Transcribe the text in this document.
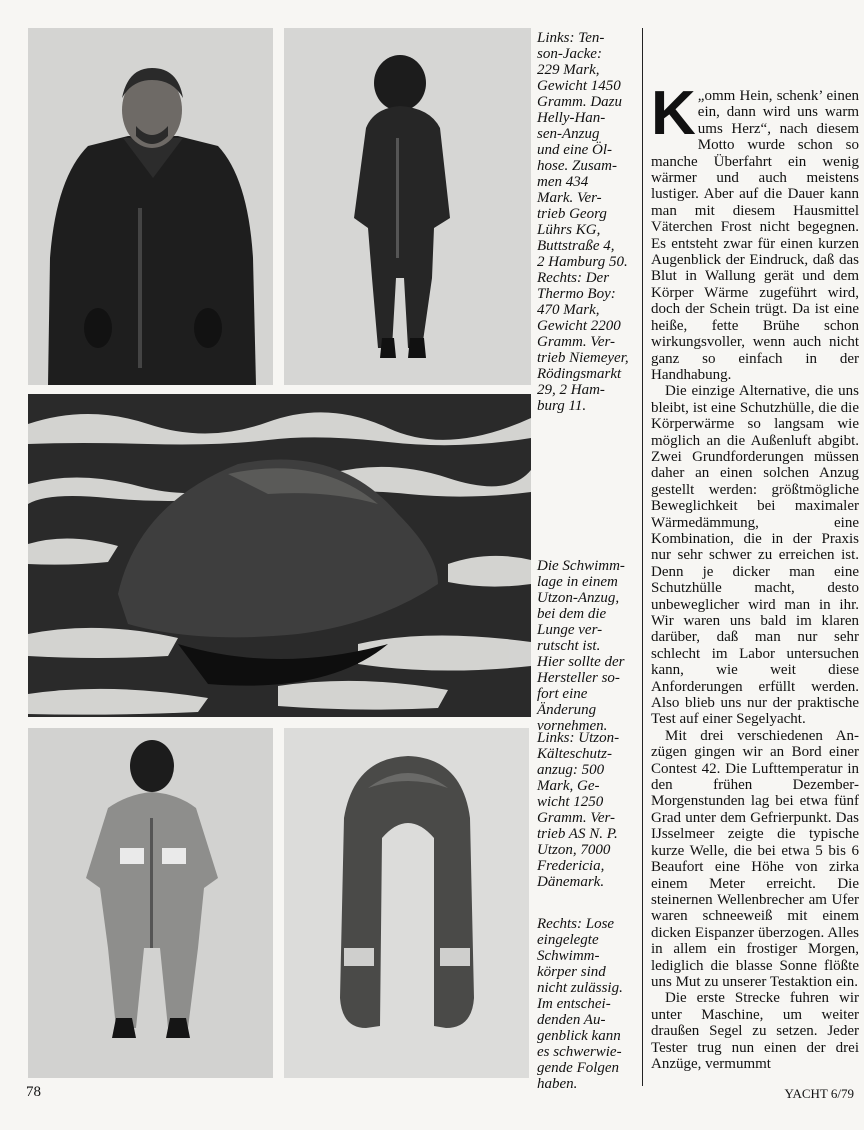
Links: Ten-
son-Jacke:
229 Mark,
Gewicht 1450
Gramm. Dazu
Helly-Han-
sen-Anzug
und eine Öl-
hose. Zusam-
men 434
Mark. Ver-
trieb Georg
Lührs KG,
Buttstraße 4,
2 Hamburg 50.
Rechts: Der
Thermo Boy:
470 Mark,
Gewicht 2200
Gramm. Ver-
trieb Niemeyer,
Rödingsmarkt
29, 2 Ham-
burg 11.

Die Schwimm-
lage in einem
Utzon-Anzug,
bei dem die
Lunge ver-
rutscht ist.
Hier sollte der
Hersteller so-
fort eine
Änderung
vornehmen.

Links: Utzon-
Kälteschutz-
anzug: 500
Mark, Ge-
wicht 1250
Gramm. Ver-
trieb AS N. P.
Utzon, 7000
Fredericia,
Dänemark.

Rechts: Lose
eingelegte
Schwimm-
körper sind
nicht zulässig.
Im entschei-
denden Au-
genblick kann
es schwerwie-
gende Folgen
haben.

K „omm Hein, schenk’ einen ein, dann wird uns warm ums Herz“, nach diesem Motto wurde schon so manche Überfahrt ein wenig wärmer und auch meistens lustiger. Aber auf die Dauer kann man mit diesem Hausmittel Väterchen Frost nicht begegnen. Es entsteht zwar für einen kurzen Augenblick der Eindruck, daß das Blut in Wallung gerät und dem Körper Wärme zugeführt wird, doch der Schein trügt. Da ist eine heiße, fette Brühe schon wirkungsvoller, wenn auch nicht ganz so einfach in der Handhabung.

Die einzige Alternative, die uns bleibt, ist eine Schutzhülle, die die Körperwärme so langsam wie möglich an die Außenluft abgibt. Zwei Grundforderungen müssen daher an einen solchen Anzug gestellt werden: größtmögliche Beweglichkeit bei maximaler Wärmedämmung, eine Kombination, die in der Praxis nur sehr schwer zu erreichen ist. Denn je dicker man eine Schutzhülle macht, desto unbeweglicher wird man in ihr. Wir waren uns bald im klaren darüber, daß man nur sehr schlecht im Labor untersuchen kann, wie weit diese Anforderungen erfüllt werden. Also blieb uns nur der praktische Test auf einer Segelyacht.

Mit drei verschiedenen Anzügen gingen wir an Bord einer Contest 42. Die Lufttemperatur in den frühen Dezember-Morgenstunden lag bei etwa fünf Grad unter dem Gefrierpunkt. Das IJsselmeer zeigte die typische kurze Welle, die bei etwa 5 bis 6 Beaufort eine Höhe von zirka einem Meter erreicht. Die steinernen Wellenbrecher am Ufer waren schneeweiß mit einem dicken Eispanzer überzogen. Alles in allem ein frostiger Morgen, lediglich die blasse Sonne flößte uns Mut zu unserer Testaktion ein.

Die erste Strecke fuhren wir unter Maschine, um weiter draußen Segel zu setzen. Jeder Tester trug nun einen der drei Anzüge, vermummt

78	YACHT 6/79
